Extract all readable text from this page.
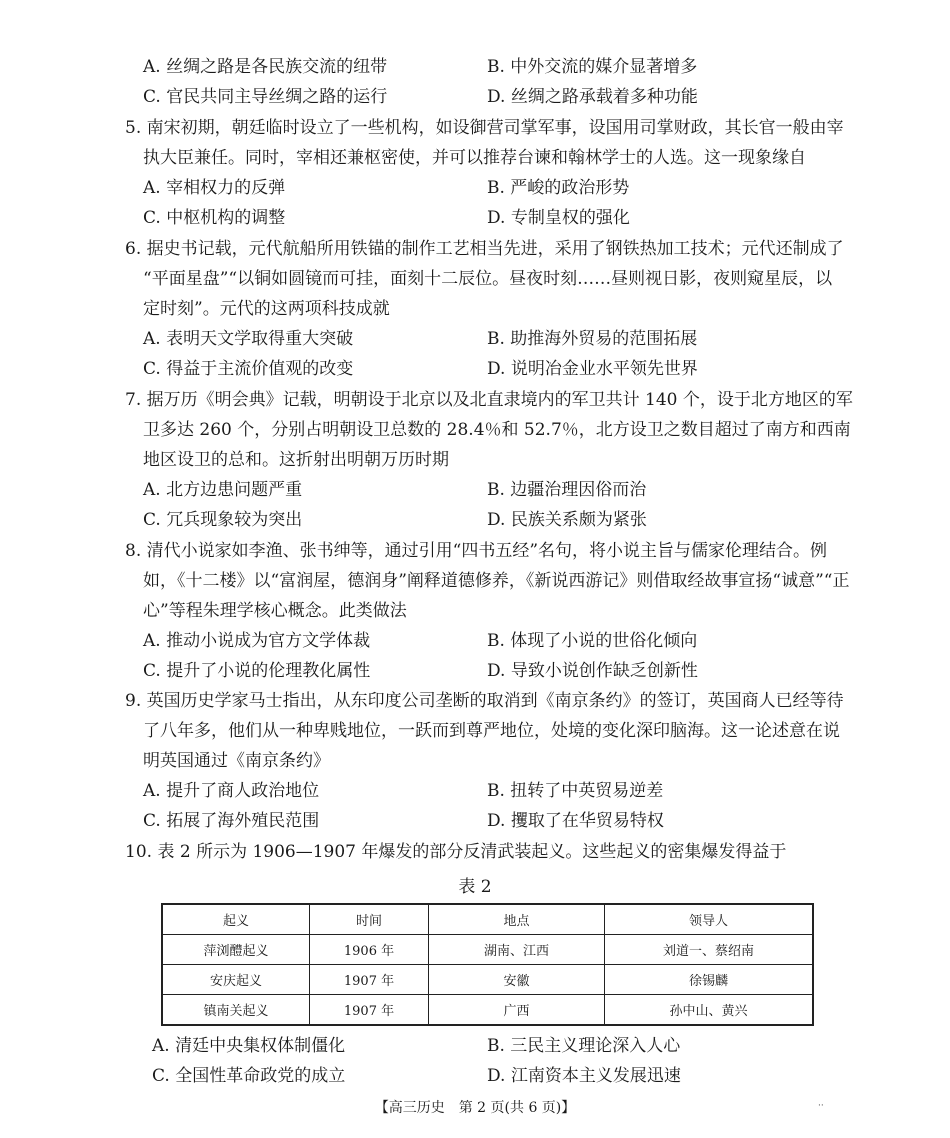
A. 丝绸之路是各民族交流的纽带	B. 中外交流的媒介显著增多
C. 官民共同主导丝绸之路的运行	D. 丝绸之路承载着多种功能
5. 南宋初期，朝廷临时设立了一些机构，如设御营司掌军事，设国用司掌财政，其长官一般由宰
执大臣兼任。同时，宰相还兼枢密使，并可以推荐台谏和翰林学士的人选。这一现象缘自
A. 宰相权力的反弹	B. 严峻的政治形势
C. 中枢机构的调整	D. 专制皇权的强化
6. 据史书记载，元代航船所用铁锚的制作工艺相当先进，采用了钢铁热加工技术；元代还制成了
“平面星盘”“以铜如圆镜而可挂，面刻十二辰位。昼夜时刻……昼则视日影，夜则窥星辰，以
定时刻”。元代的这两项科技成就
A. 表明天文学取得重大突破	B. 助推海外贸易的范围拓展
C. 得益于主流价值观的改变	D. 说明冶金业水平领先世界
7. 据万历《明会典》记载，明朝设于北京以及北直隶境内的军卫共计 140 个，设于北方地区的军
卫多达 260 个，分别占明朝设卫总数的 28.4％和 52.7％，北方设卫之数目超过了南方和西南
地区设卫的总和。这折射出明朝万历时期
A. 北方边患问题严重	B. 边疆治理因俗而治
C. 冗兵现象较为突出	D. 民族关系颇为紧张
8. 清代小说家如李渔、张书绅等，通过引用“四书五经”名句，将小说主旨与儒家伦理结合。例
如，《十二楼》以“富润屋，德润身”阐释道德修养，《新说西游记》则借取经故事宣扬“诚意”“正
心”等程朱理学核心概念。此类做法
A. 推动小说成为官方文学体裁	B. 体现了小说的世俗化倾向
C. 提升了小说的伦理教化属性	D. 导致小说创作缺乏创新性
9. 英国历史学家马士指出，从东印度公司垄断的取消到《南京条约》的签订，英国商人已经等待
了八年多，他们从一种卑贱地位，一跃而到尊严地位，处境的变化深印脑海。这一论述意在说
明英国通过《南京条约》
A. 提升了商人政治地位	B. 扭转了中英贸易逆差
C. 拓展了海外殖民范围	D. 攫取了在华贸易特权
10. 表 2 所示为 1906—1907 年爆发的部分反清武装起义。这些起义的密集爆发得益于
表 2
起义	时间	地点	领导人
萍浏醴起义	1906 年	湖南、江西	刘道一、蔡绍南
安庆起义	1907 年	安徽	徐锡麟
镇南关起义	1907 年	广西	孙中山、黄兴
A. 清廷中央集权体制僵化	B. 三民主义理论深入人心
C. 全国性革命政党的成立	D. 江南资本主义发展迅速
【高三历史　第 2 页(共 6 页)】	··
